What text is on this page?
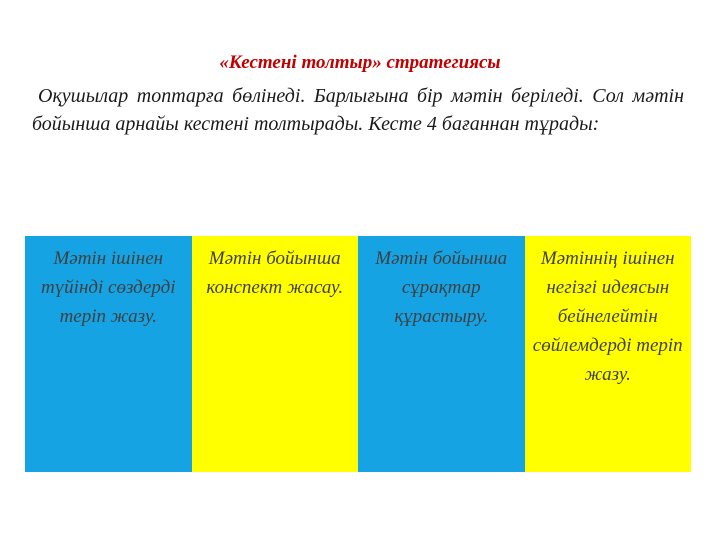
«Кестені толтыр» стратегиясы

Оқушылар топтарға бөлінеді. Барлығына бір мәтін беріледі. Сол мәтін бойынша арнайы кестені толтырады. Кесте 4 бағаннан тұрады:

Мәтін ішінен түйінді сөздерді теріп жазу.
Мәтін бойынша конспект жасау.
Мәтін бойынша сұрақтар құрастыру.
Мәтіннің ішінен негізгі идеясын бейнелейтін сөйлемдерді теріп жазу.
